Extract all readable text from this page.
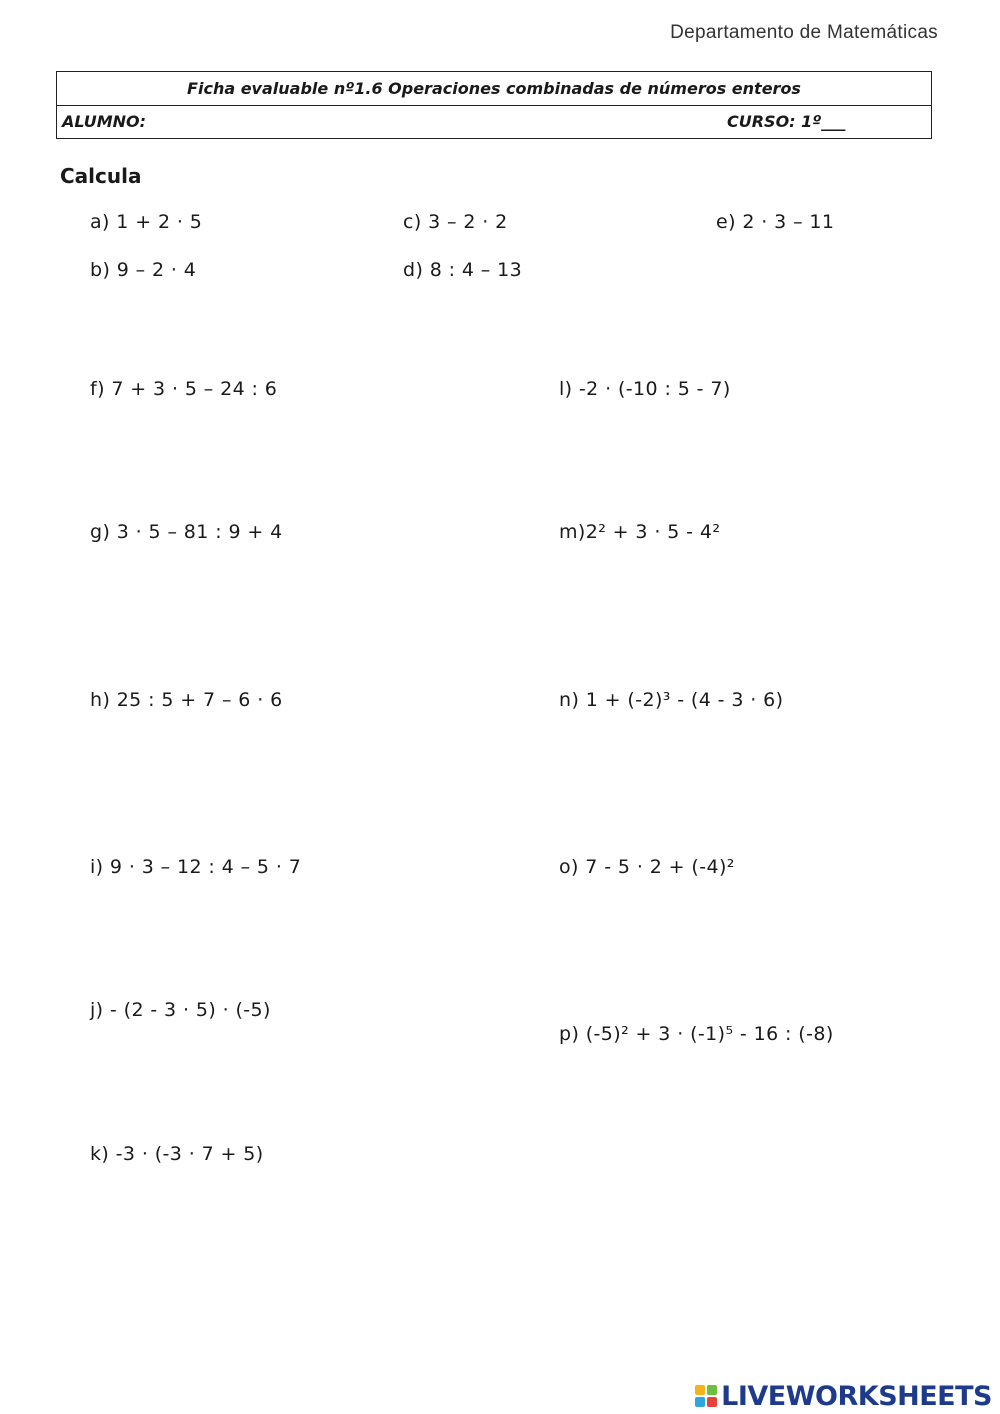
Departamento de Matemáticas
Ficha evaluable nº1.6 Operaciones combinadas de números enteros
ALUMNO:	CURSO: 1º___
Calcula
a) 1 + 2 · 5
b) 9 – 2 · 4
c) 3 – 2 · 2
d) 8 : 4 – 13
e) 2 · 3 – 11
f) 7 + 3 · 5 – 24 : 6
g) 3 · 5 – 81 : 9 + 4
h) 25 : 5 + 7 – 6 · 6
i) 9 · 3 – 12 : 4 – 5 · 7
j) - (2 - 3 · 5) · (-5)
k) -3 · (-3 · 7 + 5)
l) -2 · (-10 : 5 - 7)
m)2² + 3 · 5 - 4²
n) 1 + (-2)³ - (4 - 3 · 6)
o) 7 - 5 · 2 + (-4)²
p) (-5)² + 3 · (-1)⁵ - 16 : (-8)
LIVEWORKSHEETS
